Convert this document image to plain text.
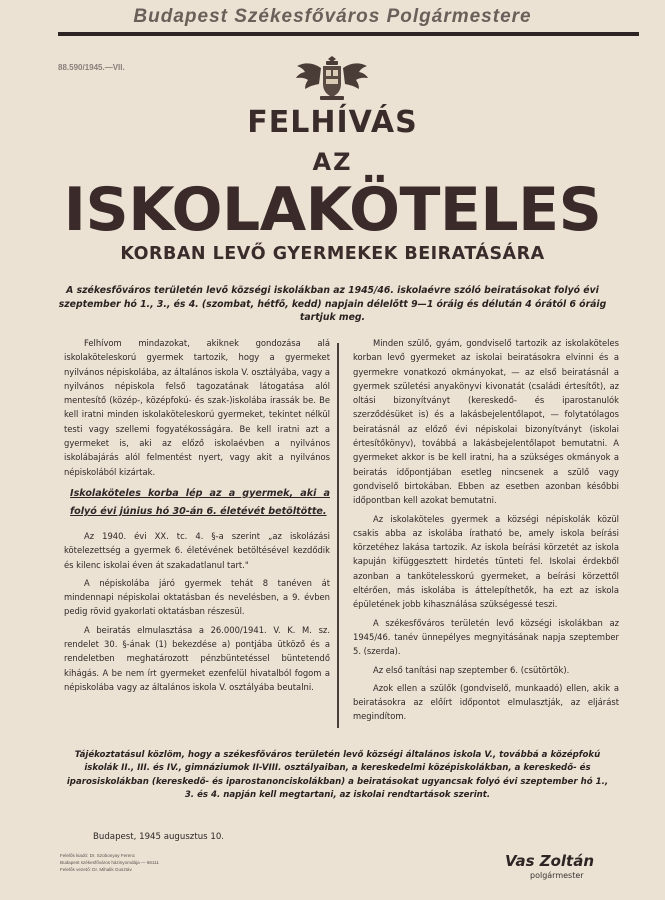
Budapest Székesfőváros Polgármestere
88.590/1945.—VII.
FELHÍVÁS
AZ
ISKOLAKÖTELES
KORBAN LEVŐ GYERMEKEK BEIRATÁSÁRA
A székesfőváros területén levő községi iskolákban az 1945/46. iskolaévre szóló beiratásokat folyó évi szeptember hó 1., 3., és 4. (szombat, hétfő, kedd) napjain délelőtt 9—1 óráig és délután 4 órától 6 óráig tartjuk meg.

Felhívom mindazokat, akiknek gondozása alá iskolaköteleskorú gyermek tartozik, hogy a gyermeket nyilvános népiskolába, az általános iskola V. osztályába, vagy a nyilvános népiskola felső tagozatának látogatása alól mentesítő (közép-, középfokú- és szak-)iskolába irassák be. Be kell iratni minden iskolaköteleskorú gyermeket, tekintet nélkül testi vagy szellemi fogyatékosságára. Be kell iratni azt a gyermeket is, aki az előző iskolaévben a nyilvános iskolábajárás alól felmentést nyert, vagy akit a nyilvános népiskolából kizártak.

Iskolaköteles korba lép az a gyermek, aki a folyó évi június hó 30-án 6. életévét betöltötte.

Az 1940. évi XX. tc. 4. §-a szerint „az iskolázási kötelezettség a gyermek 6. életévének betöltésével kezdődik és kilenc iskolai éven át szakadatlanul tart."

A népiskolába járó gyermek tehát 8 tanéven át mindennapi népiskolai oktatásban és nevelésben, a 9. évben pedig rövid gyakorlati oktatásban részesül.

A beiratás elmulasztása a 26.000/1941. V. K. M. sz. rendelet 30. §-ának (1) bekezdése a) pontjába ütköző és a rendeletben meghatározott pénzbüntetéssel büntetendő kihágás. A be nem írt gyermeket ezenfelül hivatalból fogom a népiskolába vagy az általános iskola V. osztályába beutalni.

Minden szülő, gyám, gondviselő tartozik az iskolaköteles korban levő gyermeket az iskolai beiratásokra elvinni és a gyermekre vonatkozó okmányokat, — az első beiratásnál a gyermek születési anyakönyvi kivonatát (családi értesítőt), az oltási bizonyítványt (kereskedő- és iparostanulók szerződésüket is) és a lakásbejelentőlapot, — folytatólagos beiratásnál az előző évi népiskolai bizonyítványt (iskolai értesítőkönyv), továbbá a lakásbejelentőlapot bemutatni. A gyermeket akkor is be kell iratni, ha a szükséges okmányok a beiratás időpontjában esetleg nincsenek a szülő vagy gondviselő birtokában. Ebben az esetben azonban későbbi időpontban kell azokat bemutatni.

Az iskolaköteles gyermek a községi népiskolák közül csakis abba az iskolába íratható be, amely iskola beírási körzetéhez lakása tartozik. Az iskola beírási körzetét az iskola kapuján kifüggesztett hirdetés tünteti fel. Iskolai érdekből azonban a tankötelesskorú gyermeket, a beírási körzettől eltérően, más iskolába is áttelepíthetők, ha ezt az iskola épületének jobb kihasználása szükségessé teszi.

A székesfőváros területén levő községi iskolákban az 1945/46. tanév ünnepélyes megnyitásának napja szeptember 5. (szerda).

Az első tanítási nap szeptember 6. (csütörtök).

Azok ellen a szülők (gondviselő, munkaadó) ellen, akik a beiratásokra az előírt időpontot elmulasztják, az eljárást megindítom.

Tájékoztatásul közlöm, hogy a székesfőváros területén levő községi általános iskola V., továbbá a középfokú iskolák II., III. és IV., gimnáziumok II-VIII. osztályaiban, a kereskedelmi középiskolákban, a kereskedő- és iparosiskolákban (kereskedő- és iparostanonciskolákban) a beiratásokat ugyancsak folyó évi szeptember hó 1., 3. és 4. napján kell megtartani, az iskolai rendtartások szerint.
Budapest, 1945 augusztus 10.
Felelős kiadó: Dr. Szobonyay Ferenc
Budapest székesfőváros házinyomdája — 66111
Felelős vezető: Dr. Mihalik Gusztáv	Vas Zoltán
polgármester
